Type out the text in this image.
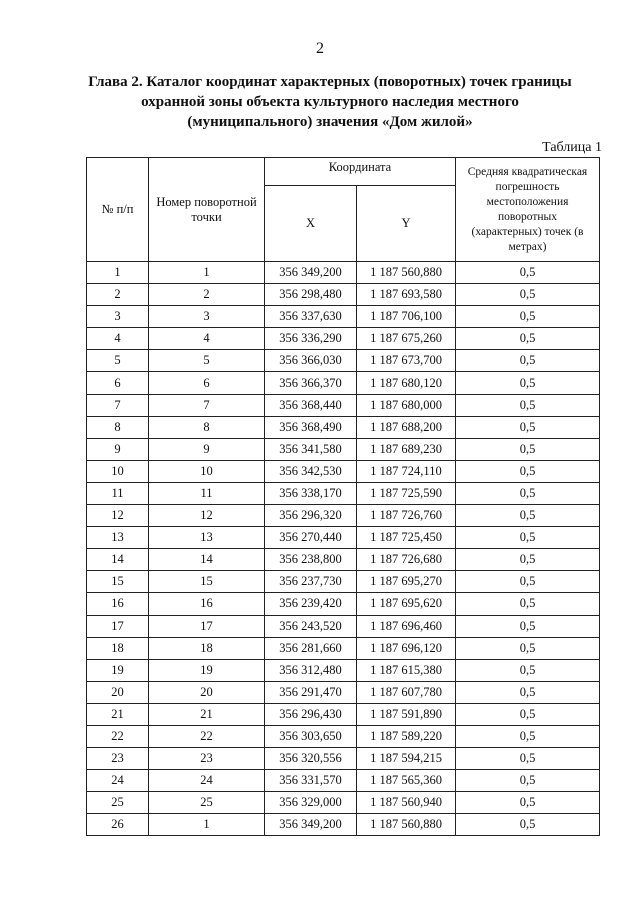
2
Глава 2. Каталог координат характерных (поворотных) точек границы охранной зоны объекта культурного наследия местного (муниципального) значения «Дом жилой»
Таблица 1
№ п/п	Номер поворотной точки	Координата		Средняя квадратическая погрешность местоположения поворотных (характерных) точек (в метрах)
		X	Y	
1	1	356 349,200	1 187 560,880	0,5
2	2	356 298,480	1 187 693,580	0,5
3	3	356 337,630	1 187 706,100	0,5
4	4	356 336,290	1 187 675,260	0,5
5	5	356 366,030	1 187 673,700	0,5
6	6	356 366,370	1 187 680,120	0,5
7	7	356 368,440	1 187 680,000	0,5
8	8	356 368,490	1 187 688,200	0,5
9	9	356 341,580	1 187 689,230	0,5
10	10	356 342,530	1 187 724,110	0,5
11	11	356 338,170	1 187 725,590	0,5
12	12	356 296,320	1 187 726,760	0,5
13	13	356 270,440	1 187 725,450	0,5
14	14	356 238,800	1 187 726,680	0,5
15	15	356 237,730	1 187 695,270	0,5
16	16	356 239,420	1 187 695,620	0,5
17	17	356 243,520	1 187 696,460	0,5
18	18	356 281,660	1 187 696,120	0,5
19	19	356 312,480	1 187 615,380	0,5
20	20	356 291,470	1 187 607,780	0,5
21	21	356 296,430	1 187 591,890	0,5
22	22	356 303,650	1 187 589,220	0,5
23	23	356 320,556	1 187 594,215	0,5
24	24	356 331,570	1 187 565,360	0,5
25	25	356 329,000	1 187 560,940	0,5
26	1	356 349,200	1 187 560,880	0,5
